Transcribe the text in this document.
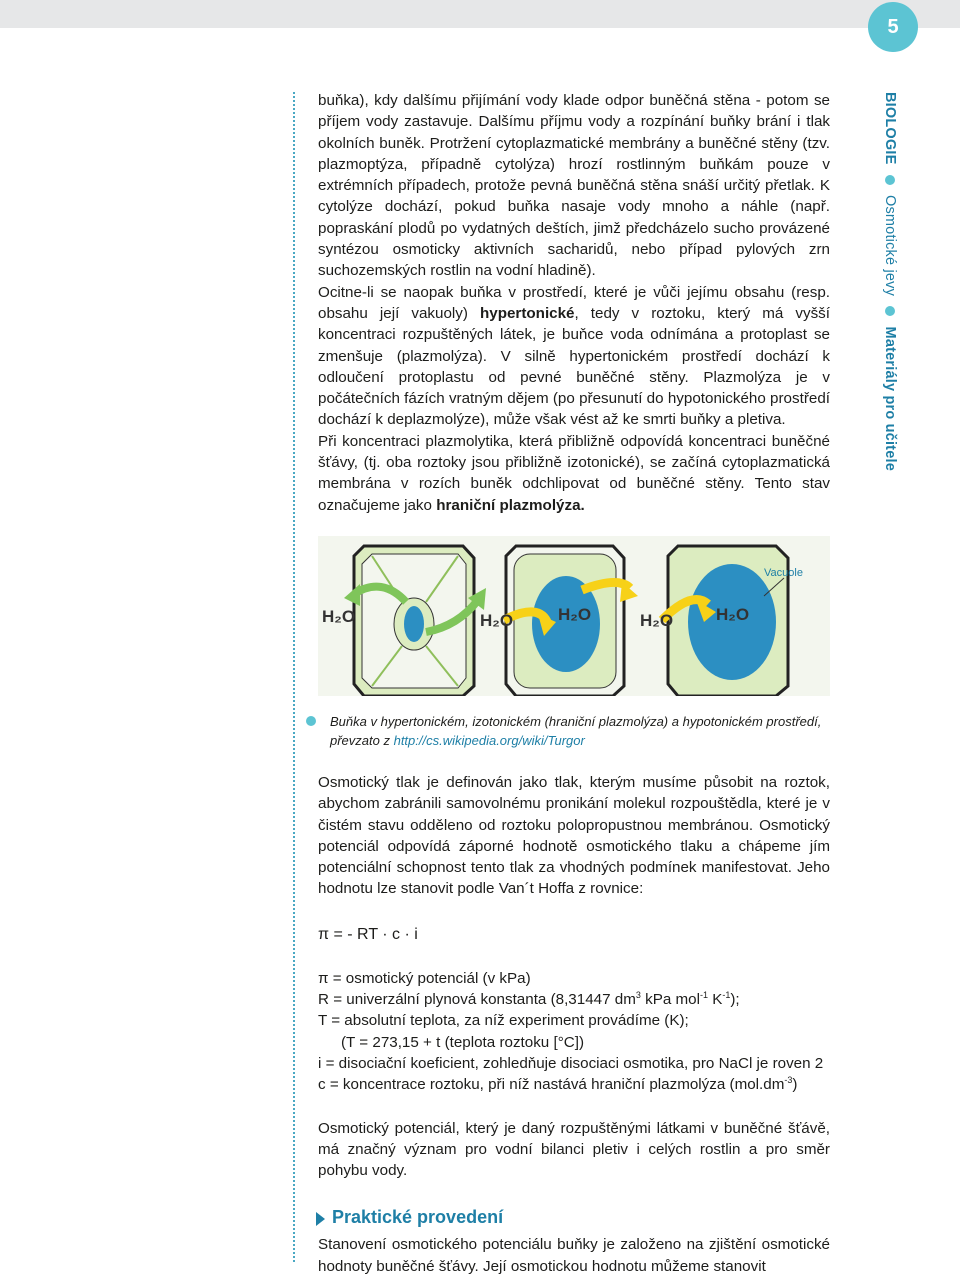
5
BIOLOGIE  Osmotické jevy  Materiály pro učitele

buňka), kdy dalšímu přijímání vody klade odpor buněčná stěna - potom se příjem vody zastavuje. Dalšímu příjmu vody a rozpínání buňky brání i tlak okolních buněk. Protržení cytoplazmatické membrány a buněčné stěny (tzv. plazmoptýza, případně cytolýza) hrozí rostlinným buňkám pouze v extrémních případech, protože pevná buněčná stěna snáší určitý přetlak. K cytolýze dochází, pokud buňka nasaje vody mnoho a náhle (např. popraskání plodů po vydatných deštích, jimž předcházelo sucho provázené syntézou osmoticky aktivních sacharidů, nebo případ pylových zrn suchozemských rostlin na vodní hladině).

Ocitne-li se naopak buňka v prostředí, které je vůči jejímu obsahu (resp. obsahu její vakuoly) hypertonické, tedy v roztoku, který má vyšší koncentraci rozpuštěných látek, je buňce voda odnímána a protoplast se zmenšuje (plazmolýza). V silně hypertonickém prostředí dochází k odloučení protoplastu od pevné buněčné stěny. Plazmolýza je v počátečních fázích vratným dějem (po přesunutí do hypotonického prostředí dochází k deplazmolýze), může však vést až ke smrti buňky a pletiva.

Při koncentraci plazmolytika, která přibližně odpovídá koncentraci buněčné šťávy, (tj. oba roztoky jsou přibližně izotonické), se začíná cytoplazmatická membrána v rozích buněk odchlipovat od buněčné stěny. Tento stav označujeme jako hraniční plazmolýza.

H₂O	H₂O	H₂O
Vacuole
H₂O	H₂O
Buňka v hypertonickém, izotonickém (hraniční plazmolýza) a hypotonickém prostředí,
převzato z http://cs.wikipedia.org/wiki/Turgor

Osmotický tlak je definován jako tlak, kterým musíme působit na roztok, abychom zabránili samovolnému pronikání molekul rozpouštědla, které je v čistém stavu odděleno od roztoku polopropustnou membránou. Osmotický potenciál odpovídá záporné hodnotě osmotického tlaku a chápeme jím potenciální schopnost tento tlak za vhodných podmínek manifestovat. Jeho hodnotu lze stanovit podle Van´t Hoffa z rovnice:

π = - RT · c · i

π = osmotický potenciál (v kPa)
R = univerzální plynová konstanta (8,31447 $dm^3$ kPa mol$^{-1}$ $K^{-1}$);
T = absolutní teplota, za níž experiment provádíme (K);
(T = 273,15 + t (teplota roztoku [°C])
i = disociační koeficient, zohledňuje disociaci osmotika, pro NaCl je roven 2
c = koncentrace roztoku, při níž nastává hraniční plazmolýza $(mol.dm^{-3})$

Osmotický potenciál, který je daný rozpuštěnými látkami v buněčné šťávě, má značný význam pro vodní bilanci pletiv i celých rostlin a pro směr pohybu vody.

Praktické provedení

Stanovení osmotického potenciálu buňky je založeno na zjištění osmotické hodnoty buněčné šťávy. Její osmotickou hodnotu můžeme stanovit
